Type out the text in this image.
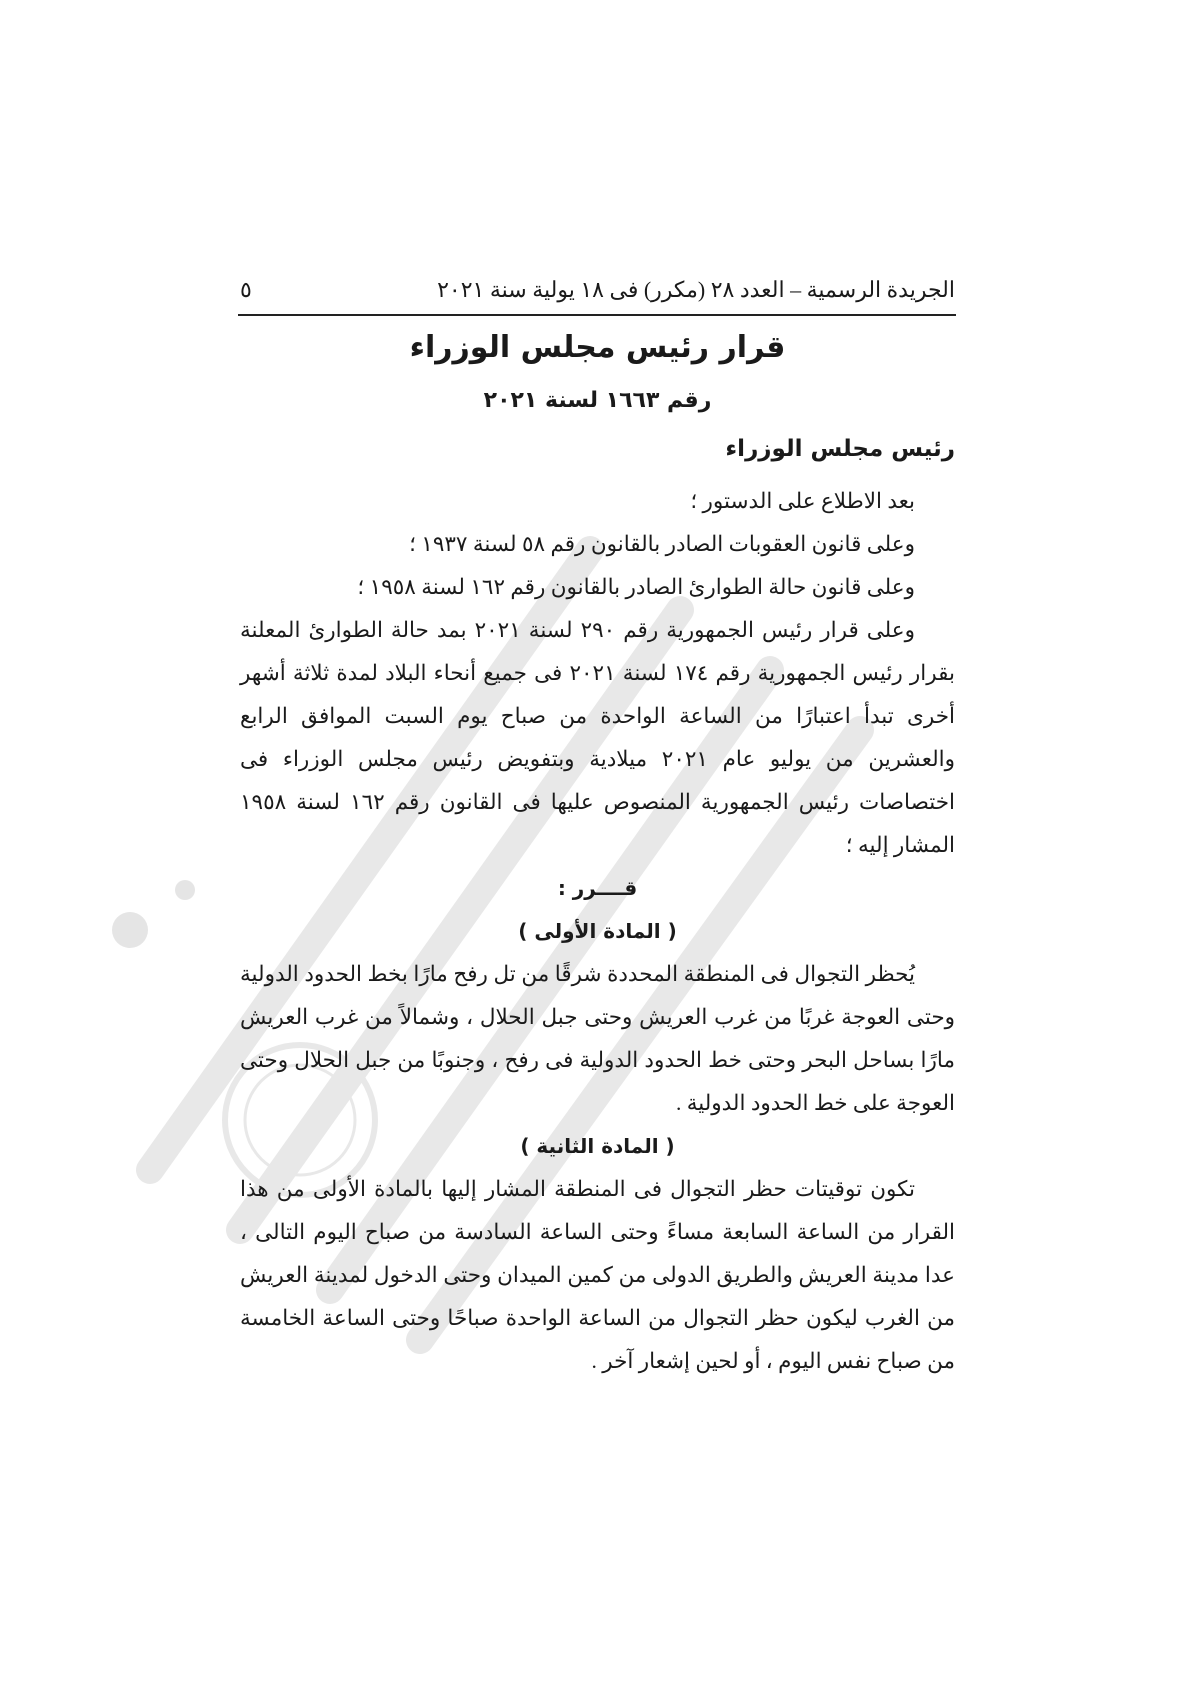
الجريدة الرسمية – العدد ٢٨ (مكرر) فى ١٨ يولية سنة ٢٠٢١
٥
قرار رئيس مجلس الوزراء
رقم ١٦٦٣ لسنة ٢٠٢١
رئيس مجلس الوزراء

بعد الاطلاع على الدستور ؛

وعلى قانون العقوبات الصادر بالقانون رقم ٥٨ لسنة ١٩٣٧ ؛

وعلى قانون حالة الطوارئ الصادر بالقانون رقم ١٦٢ لسنة ١٩٥٨ ؛

وعلى قرار رئيس الجمهورية رقم ٢٩٠ لسنة ٢٠٢١ بمد حالة الطوارئ المعلنة بقرار رئيس الجمهورية رقم ١٧٤ لسنة ٢٠٢١ فى جميع أنحاء البلاد لمدة ثلاثة أشهر أخرى تبدأ اعتبارًا من الساعة الواحدة من صباح يوم السبت الموافق الرابع والعشرين من يوليو عام ٢٠٢١ ميلادية وبتفويض رئيس مجلس الوزراء فى اختصاصات رئيس الجمهورية المنصوص عليها فى القانون رقم ١٦٢ لسنة ١٩٥٨ المشار إليه ؛

قــــرر :

( المادة الأولى )

يُحظر التجوال فى المنطقة المحددة شرقًا من تل رفح مارًا بخط الحدود الدولية وحتى العوجة غربًا من غرب العريش وحتى جبل الحلال ، وشمالاً من غرب العريش مارًا بساحل البحر وحتى خط الحدود الدولية فى رفح ، وجنوبًا من جبل الحلال وحتى العوجة على خط الحدود الدولية .

( المادة الثانية )

تكون توقيتات حظر التجوال فى المنطقة المشار إليها بالمادة الأولى من هذا القرار من الساعة السابعة مساءً وحتى الساعة السادسة من صباح اليوم التالى ، عدا مدينة العريش والطريق الدولى من كمين الميدان وحتى الدخول لمدينة العريش من الغرب ليكون حظر التجوال من الساعة الواحدة صباحًا وحتى الساعة الخامسة من صباح نفس اليوم ، أو لحين إشعار آخر .
